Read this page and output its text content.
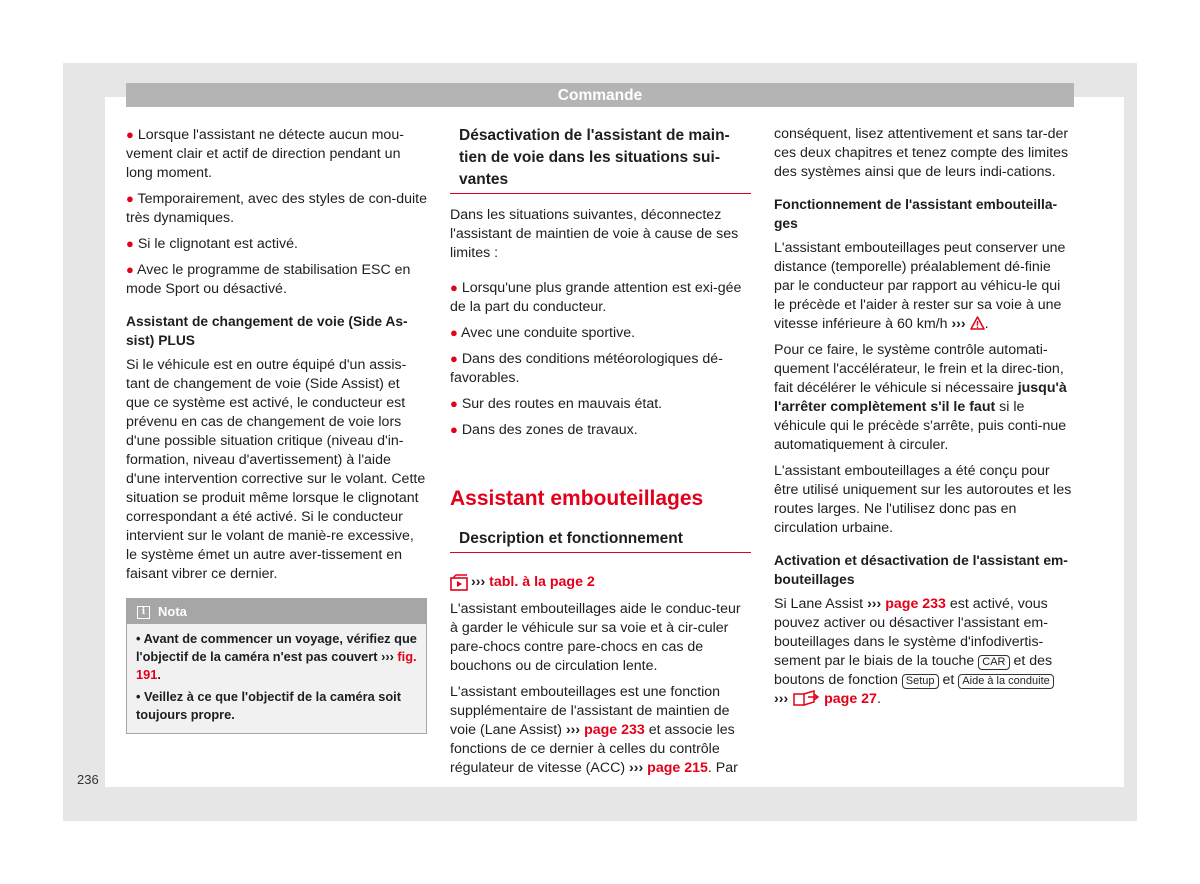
Commande

● Lorsque l'assistant ne détecte aucun mou-vement clair et actif de direction pendant un long moment.

● Temporairement, avec des styles de con-duite très dynamiques.

● Si le clignotant est activé.

● Avec le programme de stabilisation ESC en mode Sport ou désactivé.

Assistant de changement de voie (Side As-sist) PLUS

Si le véhicule est en outre équipé d'un assis-tant de changement de voie (Side Assist) et que ce système est activé, le conducteur est prévenu en cas de changement de voie lors d'une possible situation critique (niveau d'in-formation, niveau d'avertissement) à l'aide d'une intervention corrective sur le volant. Cette situation se produit même lorsque le clignotant correspondant a été activé. Si le conducteur intervient sur le volant de maniè-re excessive, le système émet un autre aver-tissement en faisant vibrer ce dernier.

i Nota

• Avant de commencer un voyage, vérifiez que l'objectif de la caméra n'est pas couvert ››› fig. 191.

• Veillez à ce que l'objectif de la caméra soit toujours propre.

Désactivation de l'assistant de main-tien de voie dans les situations sui-vantes

Dans les situations suivantes, déconnectez l'assistant de maintien de voie à cause de ses limites :

● Lorsqu'une plus grande attention est exi-gée de la part du conducteur.

● Avec une conduite sportive.

● Dans des conditions météorologiques dé-favorables.

● Sur des routes en mauvais état.

● Dans des zones de travaux.

Assistant embouteillages
Description et fonctionnement
›››
tabl. à la page 2

L'assistant embouteillages aide le conduc-teur à garder le véhicule sur sa voie et à cir-culer pare-chocs contre pare-chocs en cas de bouchons ou de circulation lente.

L'assistant embouteillages est une fonction supplémentaire de l'assistant de maintien de voie (Lane Assist) ››› page 233 et associe les fonctions de ce dernier à celles du contrôle régulateur de vitesse (ACC) ››› page 215. Par

conséquent, lisez attentivement et sans tar-der ces deux chapitres et tenez compte des limites des systèmes ainsi que de leurs indi-cations.

Fonctionnement de l'assistant embouteilla-ges

L'assistant embouteillages peut conserver une distance (temporelle) préalablement dé-finie par le conducteur par rapport au véhicu-le qui le précède et l'aider à rester sur sa voie à une vitesse inférieure à 60 km/h ››› .

Pour ce faire, le système contrôle automati-quement l'accélérateur, le frein et la direc-tion, fait décélérer le véhicule si nécessaire jusqu'à l'arrêter complètement s'il le faut si le véhicule qui le précède s'arrête, puis conti-nue automatiquement à circuler.

L'assistant embouteillages a été conçu pour être utilisé uniquement sur les autoroutes et les routes larges. Ne l'utilisez donc pas en circulation urbaine.

Activation et désactivation de l'assistant em-bouteillages

Si Lane Assist ››› page 233 est activé, vous pouvez activer ou désactiver l'assistant em-bouteillages dans le système d'infodivertis-sement par le biais de la touche CAR et des boutons de fonction Setup et Aide à la conduite
›››	page 27.

236
